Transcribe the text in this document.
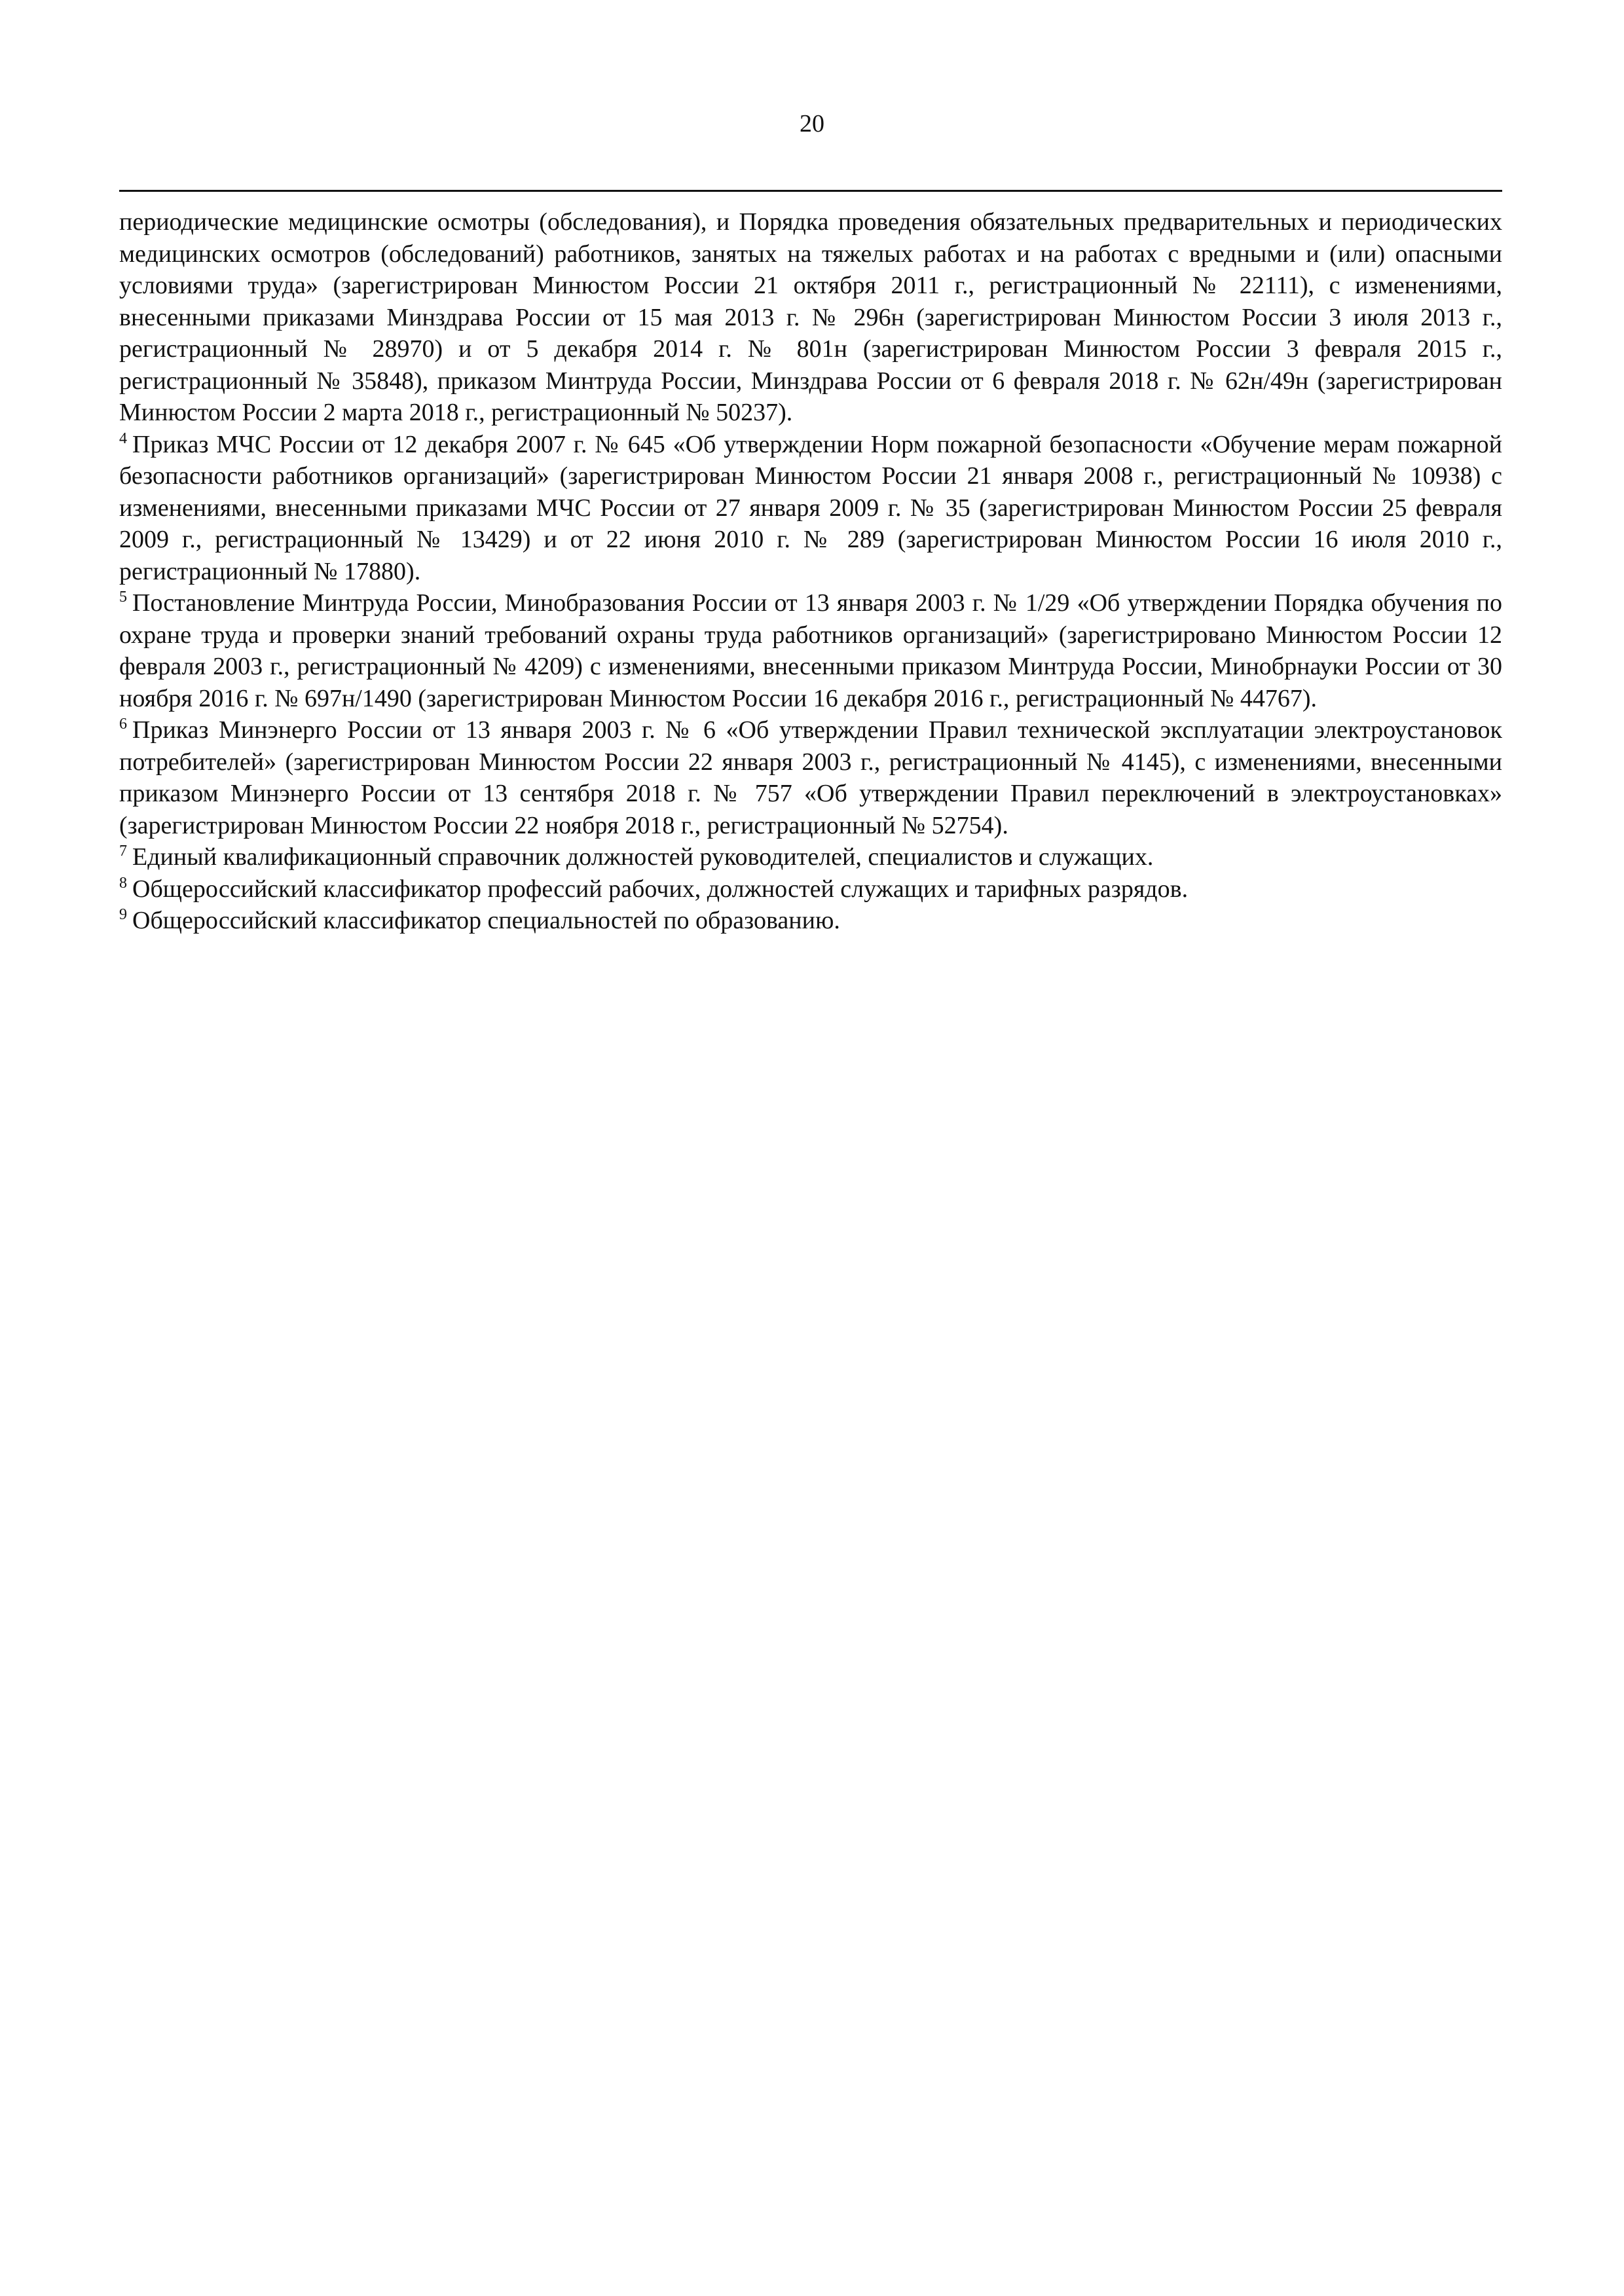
20

периодические медицинские осмотры (обследования), и Порядка проведения обязательных предварительных и периодических медицинских осмотров (обследований) работников, занятых на тяжелых работах и на работах с вредными и (или) опасными условиями труда» (зарегистрирован Минюстом России 21 октября 2011 г., регистрационный № 22111), с изменениями, внесенными приказами Минздрава России от 15 мая 2013 г. № 296н (зарегистрирован Минюстом России 3 июля 2013 г., регистрационный № 28970) и от 5 декабря 2014 г. № 801н (зарегистрирован Минюстом России 3 февраля 2015 г., регистрационный № 35848), приказом Минтруда России, Минздрава России от 6 февраля 2018 г. № 62н/49н (зарегистрирован Минюстом России 2 марта 2018 г., регистрационный № 50237).

$^4$ Приказ МЧС России от 12 декабря 2007 г. № 645 «Об утверждении Норм пожарной безопасности «Обучение мерам пожарной безопасности работников организаций» (зарегистрирован Минюстом России 21 января 2008 г., регистрационный № 10938) с изменениями, внесенными приказами МЧС России от 27 января 2009 г. № 35 (зарегистрирован Минюстом России 25 февраля 2009 г., регистрационный № 13429) и от 22 июня 2010 г. № 289 (зарегистрирован Минюстом России 16 июля 2010 г., регистрационный № 17880).

$^5$ Постановление Минтруда России, Минобразования России от 13 января 2003 г. № 1/29 «Об утверждении Порядка обучения по охране труда и проверки знаний требований охраны труда работников организаций» (зарегистрировано Минюстом России 12 февраля 2003 г., регистрационный № 4209) с изменениями, внесенными приказом Минтруда России, Минобрнауки России от 30 ноября 2016 г. № 697н/1490 (зарегистрирован Минюстом России 16 декабря 2016 г., регистрационный № 44767).

$^6$ Приказ Минэнерго России от 13 января 2003 г. № 6 «Об утверждении Правил технической эксплуатации электроустановок потребителей» (зарегистрирован Минюстом России 22 января 2003 г., регистрационный № 4145), с изменениями, внесенными приказом Минэнерго России от 13 сентября 2018 г. № 757 «Об утверждении Правил переключений в электроустановках» (зарегистрирован Минюстом России 22 ноября 2018 г., регистрационный № 52754).

$^7$ Единый квалификационный справочник должностей руководителей, специалистов и служащих.

$^8$ Общероссийский классификатор профессий рабочих, должностей служащих и тарифных разрядов.

$^9$ Общероссийский классификатор специальностей по образованию.
